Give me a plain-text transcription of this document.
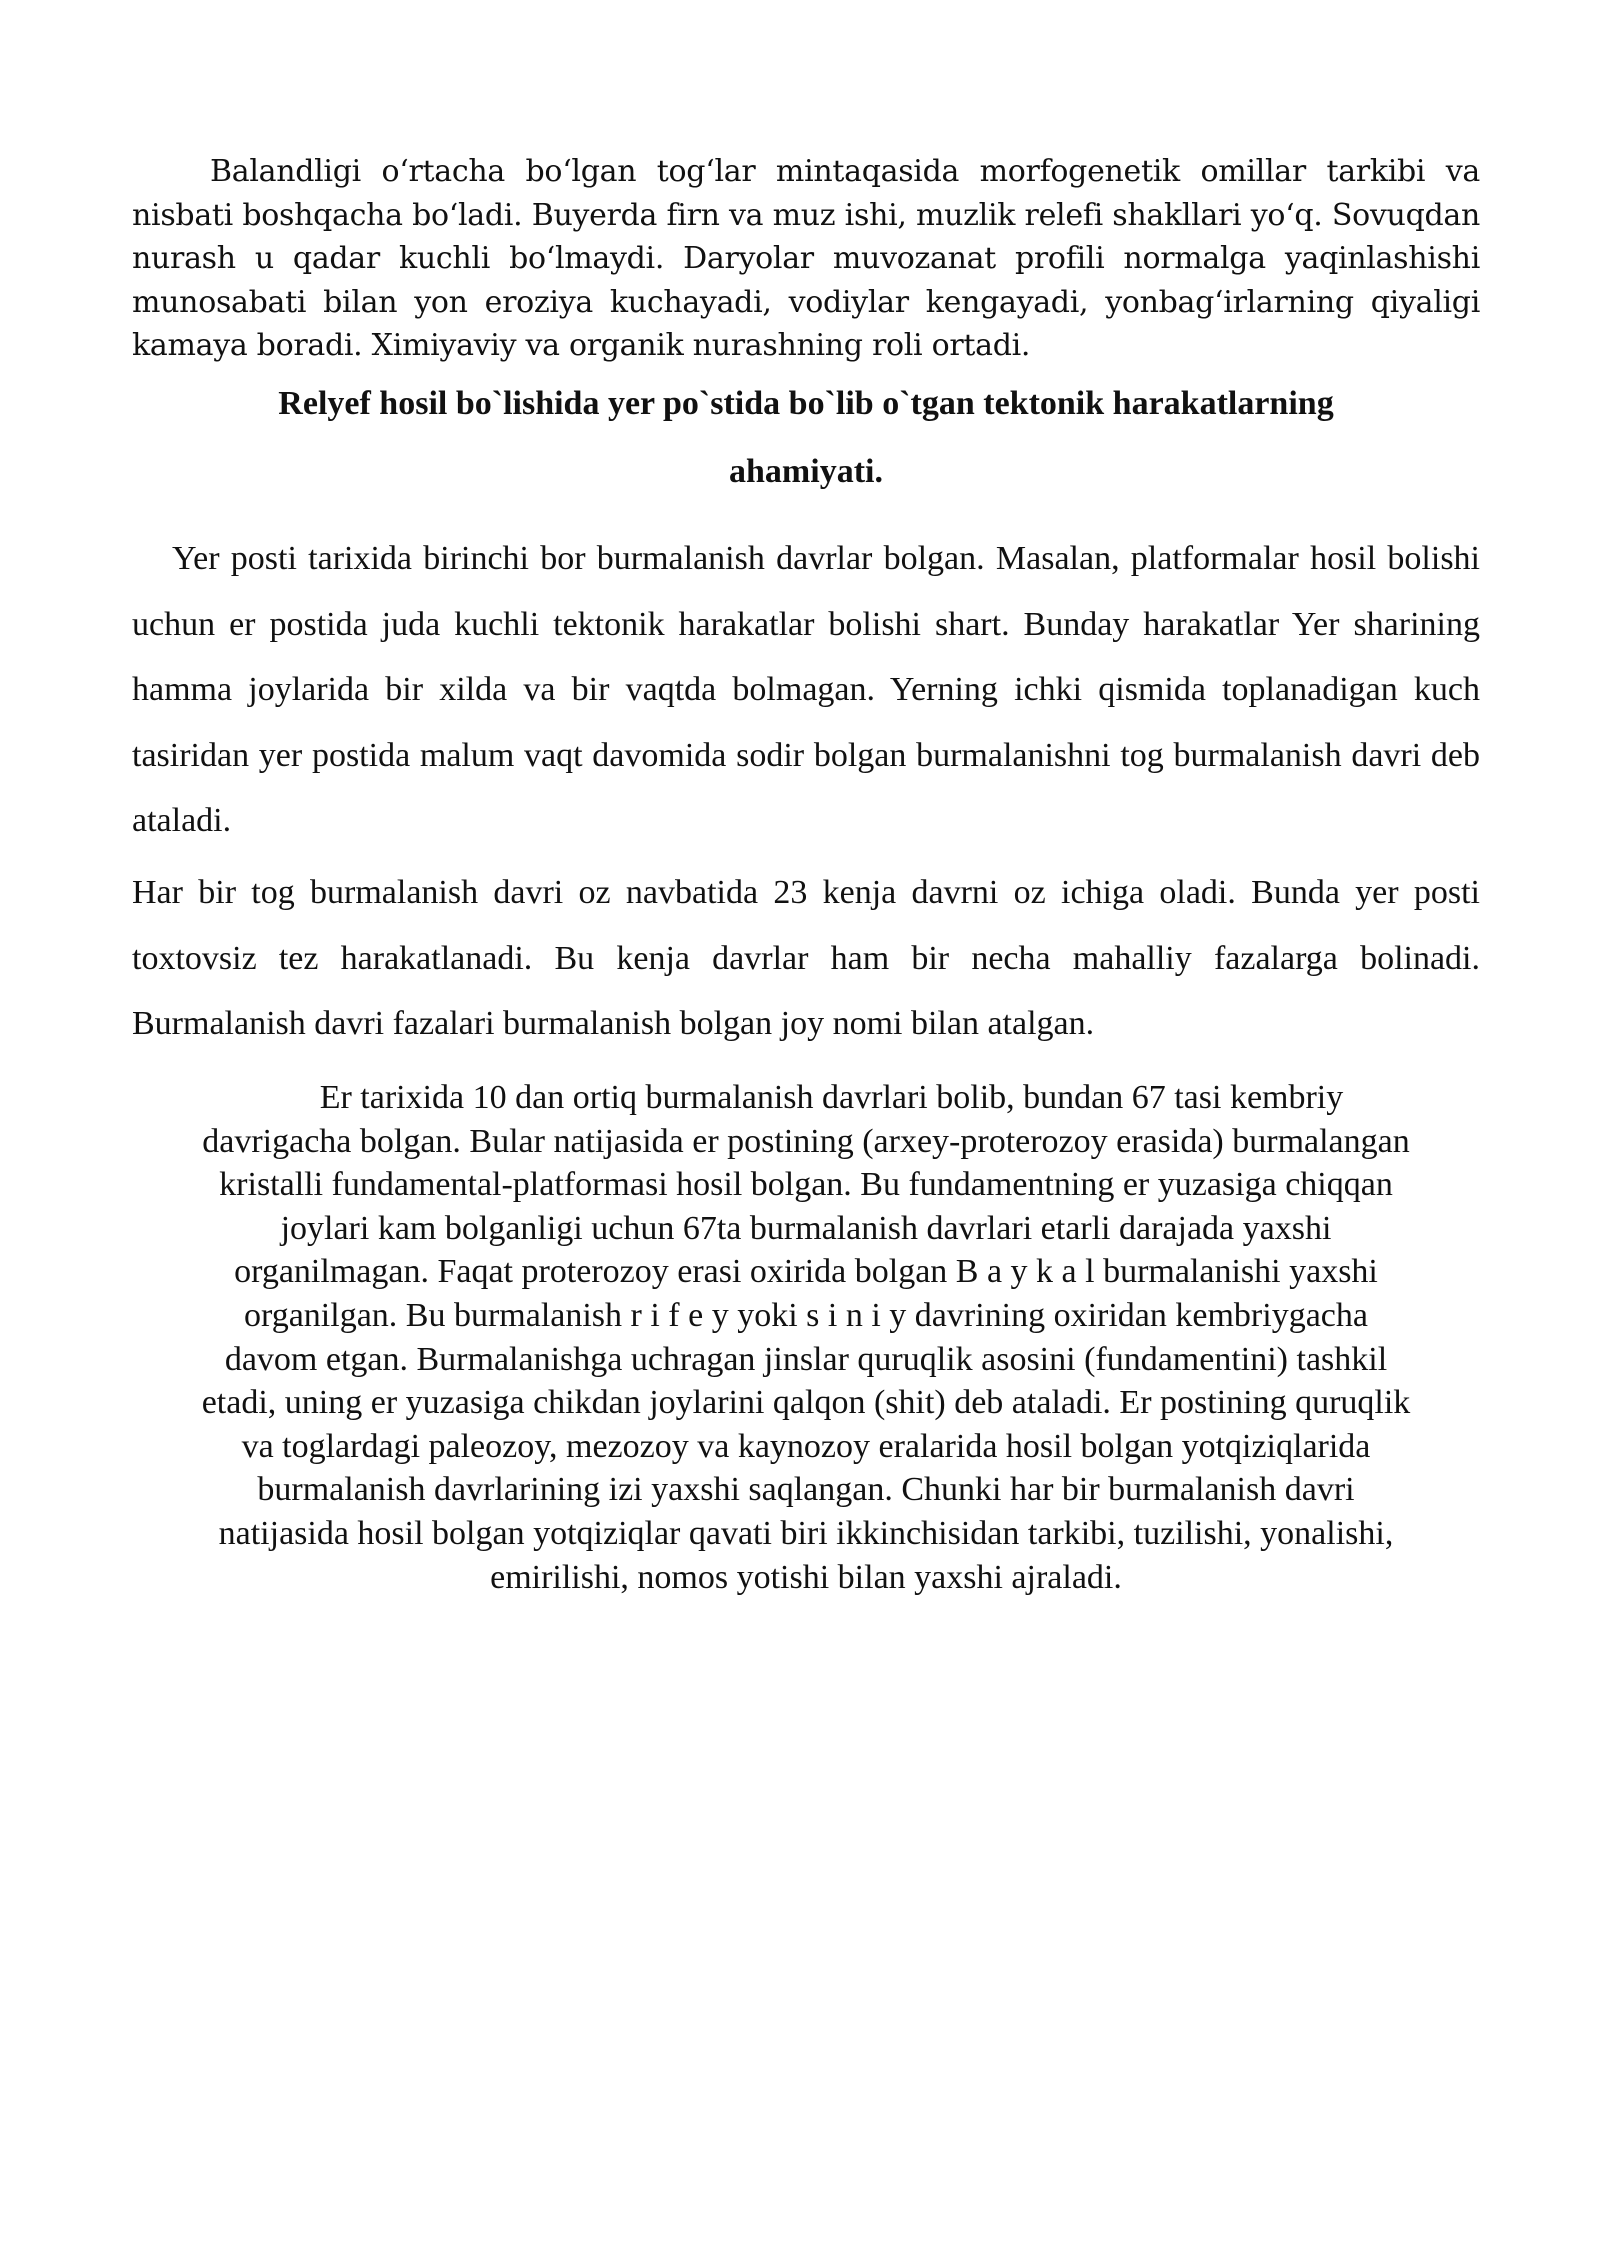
Balandligi o‘rtacha bo‘lgan tog‘lar mintaqasida morfogenetik omillar tarkibi va nisbati boshqacha bo‘ladi. Buyerda firn va muz ishi, muzlik relefi shakllari yo‘q. Sovuqdan nurash u qadar kuchli bo‘lmaydi. Daryolar muvozanat profili normalga yaqinlashishi munosabati bilan yon eroziya kuchayadi, vodiylar kengayadi, yonbag‘irlarning qiyaligi kamaya boradi. Ximiyaviy va organik nurashning roli ortadi.

Relyef hosil bo`lishida yer po`stida bo`lib o`tgan tektonik harakatlarning

ahamiyati.

Yer posti tarixida birinchi bor burmalanish davrlar bolgan. Masalan, platformalar hosil bolishi uchun er postida juda kuchli tektonik harakatlar bolishi shart. Bunday harakatlar Yer sharining hamma joylarida bir xilda va bir vaqtda bolmagan. Yerning ichki qismida toplanadigan kuch tasiridan yer postida malum vaqt davomida sodir bolgan burmalanishni tog burmalanish davri deb ataladi.

Har bir tog burmalanish davri oz navbatida 23 kenja davrni oz ichiga oladi. Bunda yer posti toxtovsiz tez harakatlanadi. Bu kenja davrlar ham bir necha mahalliy fazalarga bolinadi. Burmalanish davri fazalari burmalanish bolgan joy nomi bilan atalgan.

Er tarixida 10 dan ortiq burmalanish davrlari bolib, bundan 67 tasi kembriy
davrigacha bolgan. Bular natijasida er postining (arxey-proterozoy erasida) burmalangan
kristalli fundamental-platformasi hosil bolgan. Bu fundamentning er yuzasiga chiqqan
joylari kam bolganligi uchun 67ta burmalanish davrlari etarli darajada yaxshi
organilmagan. Faqat proterozoy erasi oxirida bolgan B a y k a l burmalanishi yaxshi
organilgan. Bu burmalanish r i f e y yoki s i n i y davrining oxiridan kembriygacha
davom etgan. Burmalanishga uchragan jinslar quruqlik asosini (fundamentini) tashkil
etadi, uning er yuzasiga chikdan joylarini qalqon (shit) deb ataladi. Er postining quruqlik
va toglardagi paleozoy, mezozoy va kaynozoy eralarida hosil bolgan yotqiziqlarida
burmalanish davrlarining izi yaxshi saqlangan. Chunki har bir burmalanish davri
natijasida hosil bolgan yotqiziqlar qavati biri ikkinchisidan tarkibi, tuzilishi, yonalishi,
emirilishi, nomos yotishi bilan yaxshi ajraladi.
